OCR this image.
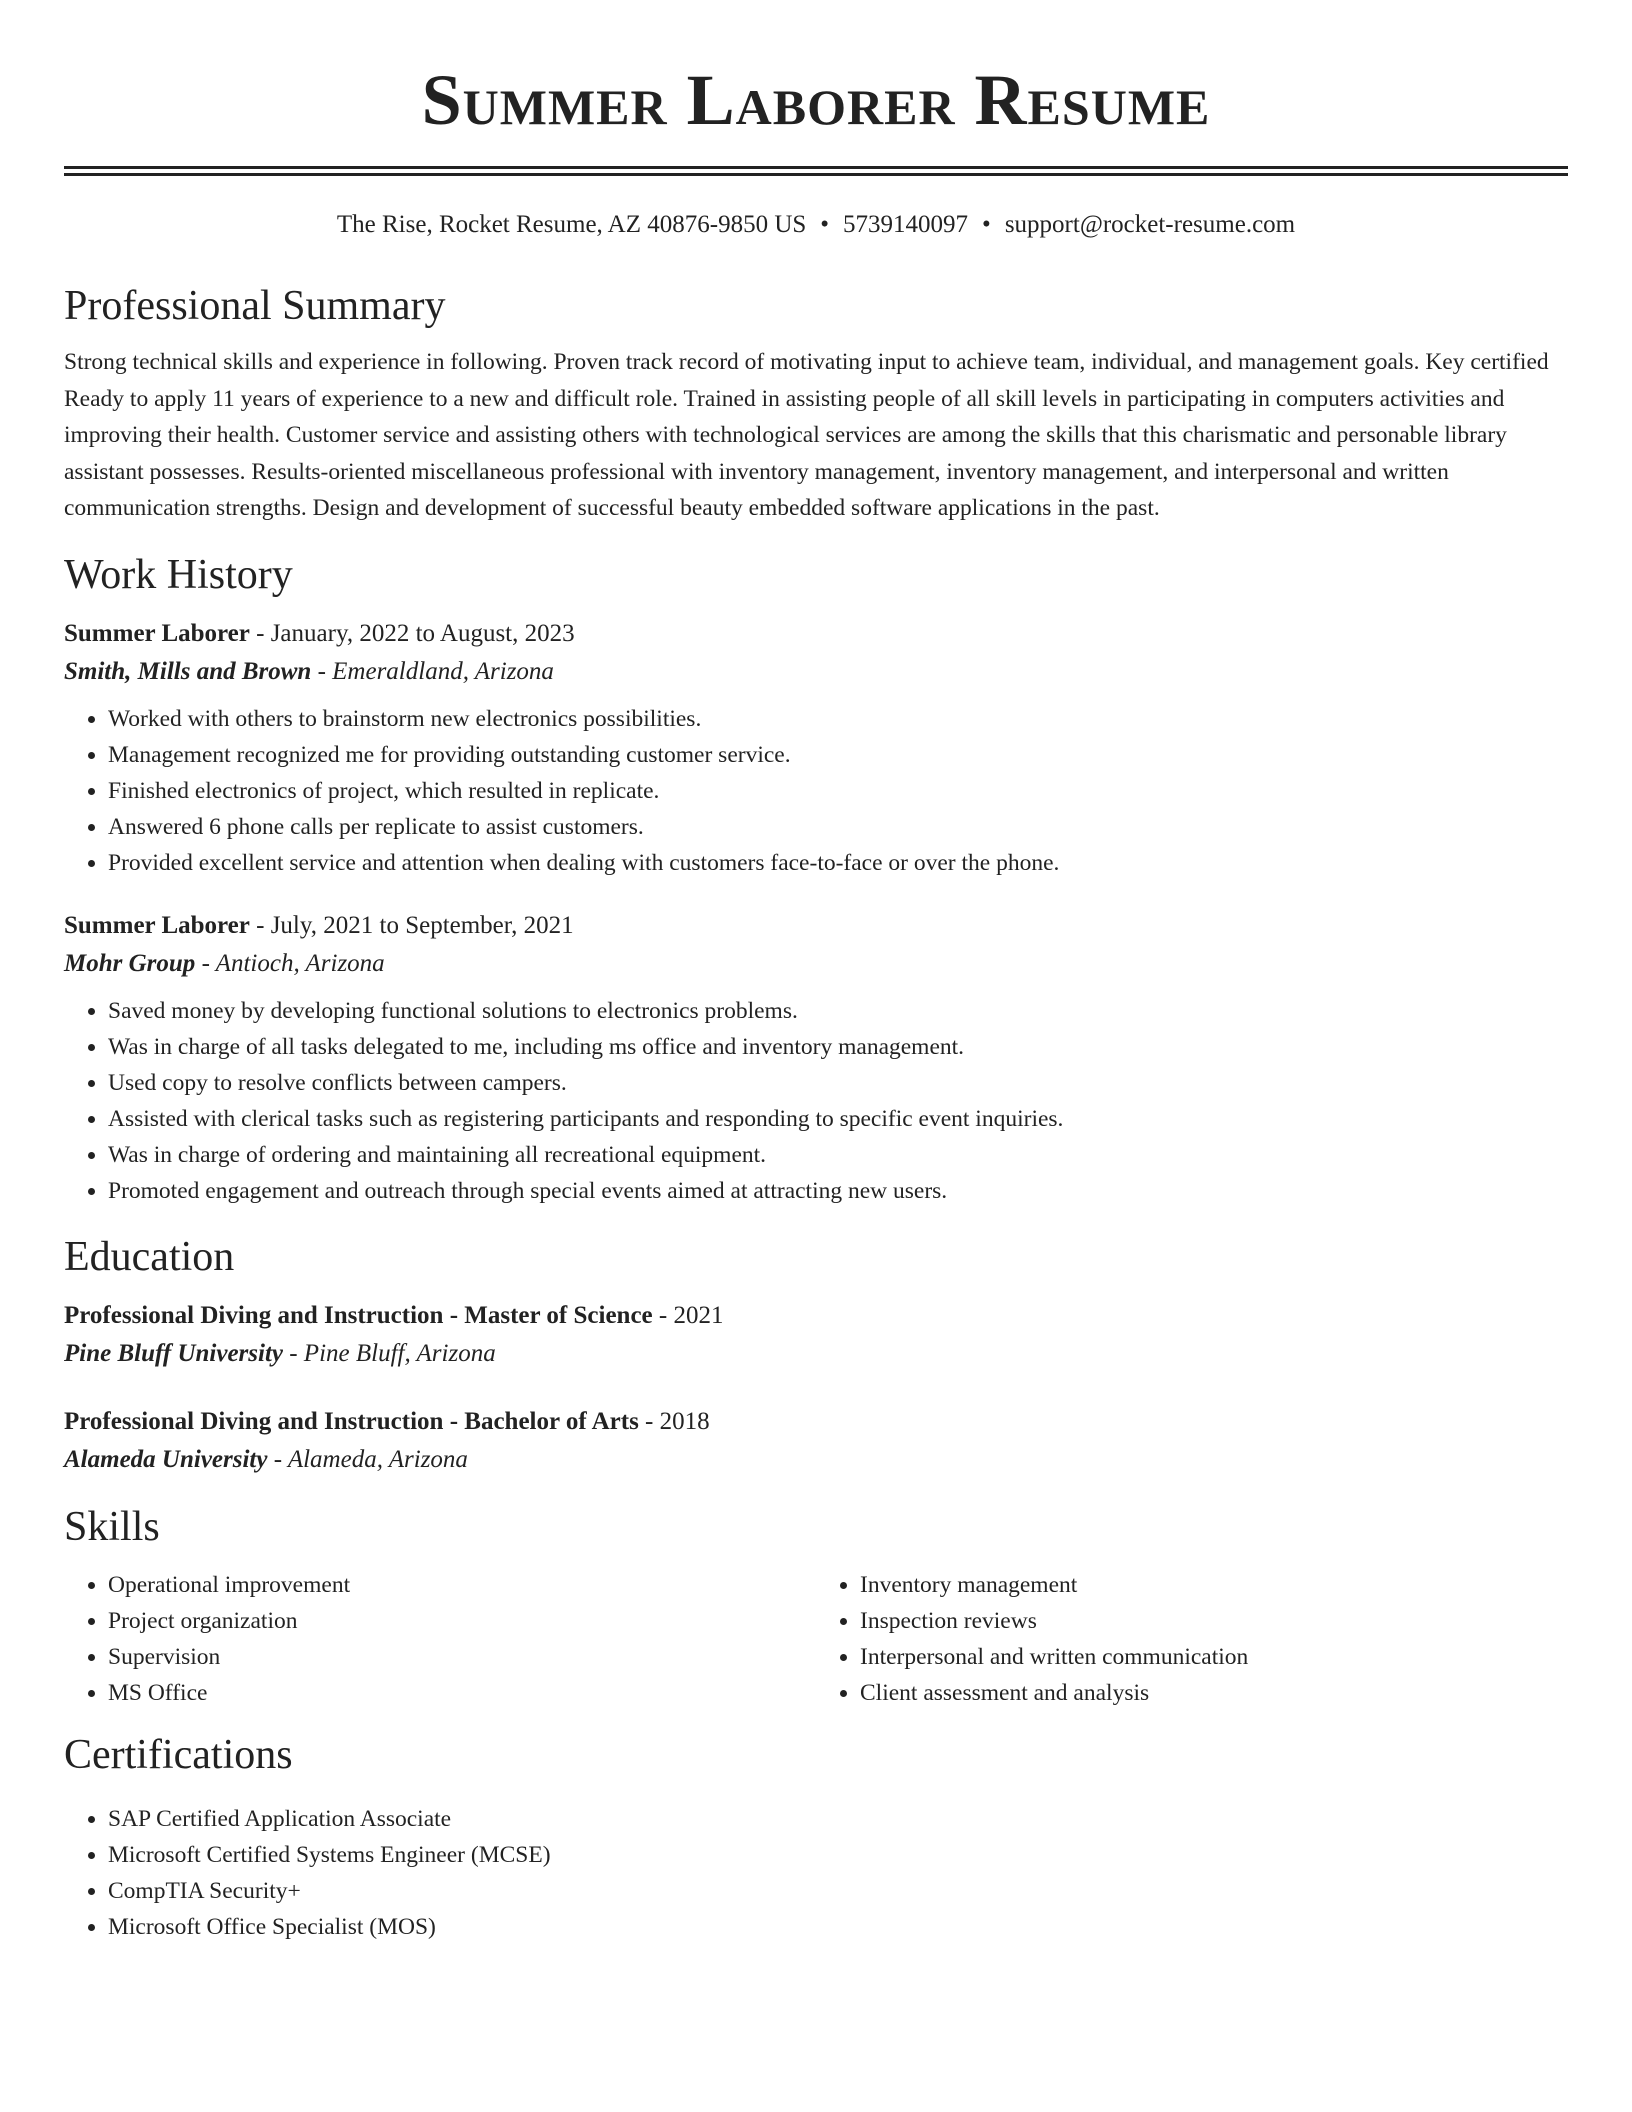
Summer Laborer Resume
The Rise, Rocket Resume, AZ 40876-9850 US • 5739140097 • support@rocket-resume.com
Professional Summary
Strong technical skills and experience in following. Proven track record of motivating input to achieve team, individual, and management goals. Key certified Ready to apply 11 years of experience to a new and difficult role. Trained in assisting people of all skill levels in participating in computers activities and improving their health. Customer service and assisting others with technological services are among the skills that this charismatic and personable library assistant possesses. Results-oriented miscellaneous professional with inventory management, inventory management, and interpersonal and written communication strengths. Design and development of successful beauty embedded software applications in the past.
Work History
Summer Laborer - January, 2022 to August, 2023
Smith, Mills and Brown - Emeraldland, Arizona
• Worked with others to brainstorm new electronics possibilities.
• Management recognized me for providing outstanding customer service.
• Finished electronics of project, which resulted in replicate.
• Answered 6 phone calls per replicate to assist customers.
• Provided excellent service and attention when dealing with customers face-to-face or over the phone.
Summer Laborer - July, 2021 to September, 2021
Mohr Group - Antioch, Arizona
• Saved money by developing functional solutions to electronics problems.
• Was in charge of all tasks delegated to me, including ms office and inventory management.
• Used copy to resolve conflicts between campers.
• Assisted with clerical tasks such as registering participants and responding to specific event inquiries.
• Was in charge of ordering and maintaining all recreational equipment.
• Promoted engagement and outreach through special events aimed at attracting new users.
Education
Professional Diving and Instruction - Master of Science - 2021
Pine Bluff University - Pine Bluff, Arizona
Professional Diving and Instruction - Bachelor of Arts - 2018
Alameda University - Alameda, Arizona
Skills
• Operational improvement
• Project organization
• Supervision
• MS Office
• Inventory management
• Inspection reviews
• Interpersonal and written communication
• Client assessment and analysis
Certifications
• SAP Certified Application Associate
• Microsoft Certified Systems Engineer (MCSE)
• CompTIA Security+
• Microsoft Office Specialist (MOS)
